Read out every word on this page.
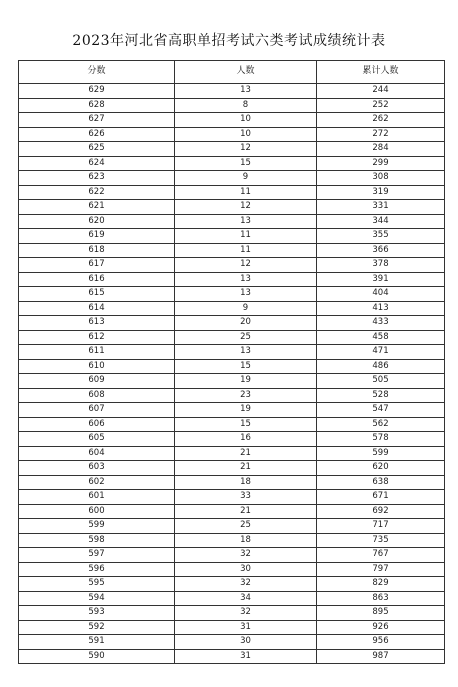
2023年河北省高职单招考试六类考试成绩统计表
分数	人数	累计人数
629	13	244
628	8	252
627	10	262
626	10	272
625	12	284
624	15	299
623	9	308
622	11	319
621	12	331
620	13	344
619	11	355
618	11	366
617	12	378
616	13	391
615	13	404
614	9	413
613	20	433
612	25	458
611	13	471
610	15	486
609	19	505
608	23	528
607	19	547
606	15	562
605	16	578
604	21	599
603	21	620
602	18	638
601	33	671
600	21	692
599	25	717
598	18	735
597	32	767
596	30	797
595	32	829
594	34	863
593	32	895
592	31	926
591	30	956
590	31	987
